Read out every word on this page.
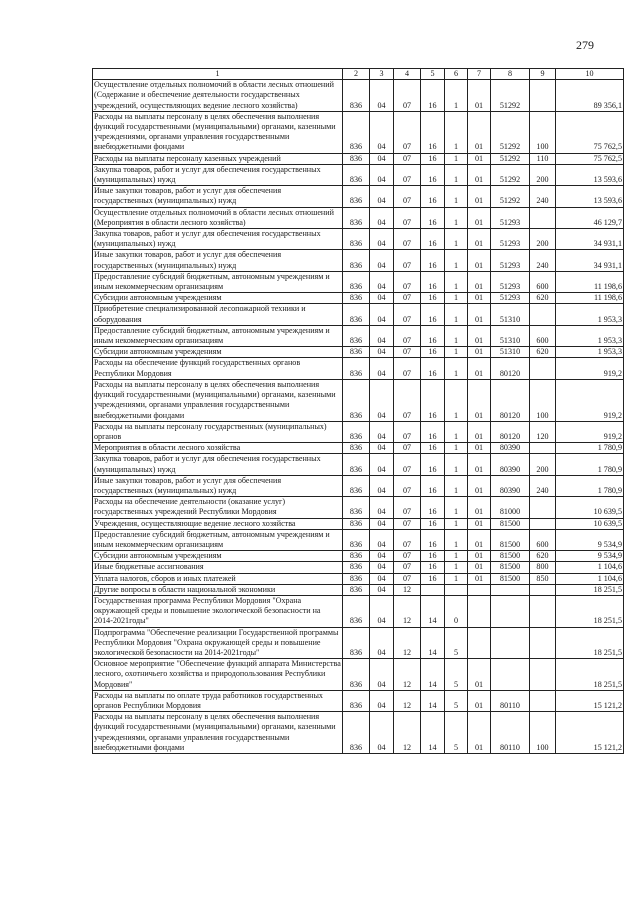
279
1	2	3	4	5	6	7	8	9	10
Осуществление отдельных полномочий в области лесных отношений (Содержание и обеспечение деятельности государственных учреждений, осуществляющих ведение лесного хозяйства)	836	04	07	16	1	01	51292		89 356,1
Расходы на выплаты персоналу в целях обеспечения выполнения функций государственными (муниципальными) органами, казенными учреждениями, органами управления государственными внебюджетными фондами	836	04	07	16	1	01	51292	100	75 762,5
Расходы на выплаты персоналу казенных учреждений	836	04	07	16	1	01	51292	110	75 762,5
Закупка товаров, работ и услуг для обеспечения государственных (муниципальных) нужд	836	04	07	16	1	01	51292	200	13 593,6
Иные закупки товаров, работ и услуг для обеспечения государственных (муниципальных) нужд	836	04	07	16	1	01	51292	240	13 593,6
Осуществление отдельных полномочий в области лесных отношений (Мероприятия в области лесного хозяйства)	836	04	07	16	1	01	51293		46 129,7
Закупка товаров, работ и услуг для обеспечения государственных (муниципальных) нужд	836	04	07	16	1	01	51293	200	34 931,1
Иные закупки товаров, работ и услуг для обеспечения государственных (муниципальных) нужд	836	04	07	16	1	01	51293	240	34 931,1
Предоставление субсидий бюджетным, автономным учреждениям и иным некоммерческим организациям	836	04	07	16	1	01	51293	600	11 198,6
Субсидии автономным учреждениям	836	04	07	16	1	01	51293	620	11 198,6
Приобретение специализированной лесопожарной техники и оборудования	836	04	07	16	1	01	51310		1 953,3
Предоставление субсидий бюджетным, автономным учреждениям и иным некоммерческим организациям	836	04	07	16	1	01	51310	600	1 953,3
Субсидии автономным учреждениям	836	04	07	16	1	01	51310	620	1 953,3
Расходы на обеспечение функций государственных органов Республики Мордовия	836	04	07	16	1	01	80120		919,2
Расходы на выплаты персоналу в целях обеспечения выполнения функций государственными (муниципальными) органами, казенными учреждениями, органами управления государственными внебюджетными фондами	836	04	07	16	1	01	80120	100	919,2
Расходы на выплаты персоналу государственных (муниципальных) органов	836	04	07	16	1	01	80120	120	919,2
Мероприятия в области лесного хозяйства	836	04	07	16	1	01	80390		1 780,9
Закупка товаров, работ и услуг для обеспечения государственных (муниципальных) нужд	836	04	07	16	1	01	80390	200	1 780,9
Иные закупки товаров, работ и услуг для обеспечения государственных (муниципальных) нужд	836	04	07	16	1	01	80390	240	1 780,9
Расходы на обеспечение деятельности (оказание услуг) государственных учреждений Республики Мордовия	836	04	07	16	1	01	81000		10 639,5
Учреждения, осуществляющие ведение лесного хозяйства	836	04	07	16	1	01	81500		10 639,5
Предоставление субсидий бюджетным, автономным учреждениям и иным некоммерческим организациям	836	04	07	16	1	01	81500	600	9 534,9
Субсидии автономным учреждениям	836	04	07	16	1	01	81500	620	9 534,9
Иные бюджетные ассигнования	836	04	07	16	1	01	81500	800	1 104,6
Уплата налогов, сборов и иных платежей	836	04	07	16	1	01	81500	850	1 104,6
Другие вопросы в области национальной экономики	836	04	12						18 251,5
Государственная программа Республики Мордовия "Охрана окружающей среды и повышение экологической безопасности на 2014-2021годы"	836	04	12	14	0				18 251,5
Подпрограмма "Обеспечение реализации Государственной программы Республики Мордовия "Охрана окружающей среды и повышение экологической безопасности на 2014-2021годы"	836	04	12	14	5				18 251,5
Основное мероприятие "Обеспечение функций аппарата Министерства лесного, охотничьего хозяйства и природопользования Республики Мордовия"	836	04	12	14	5	01			18 251,5
Расходы на выплаты по оплате труда работников государственных органов Республики Мордовия	836	04	12	14	5	01	80110		15 121,2
Расходы на выплаты персоналу в целях обеспечения выполнения функций государственными (муниципальными) органами, казенными учреждениями, органами управления государственными внебюджетными фондами	836	04	12	14	5	01	80110	100	15 121,2
